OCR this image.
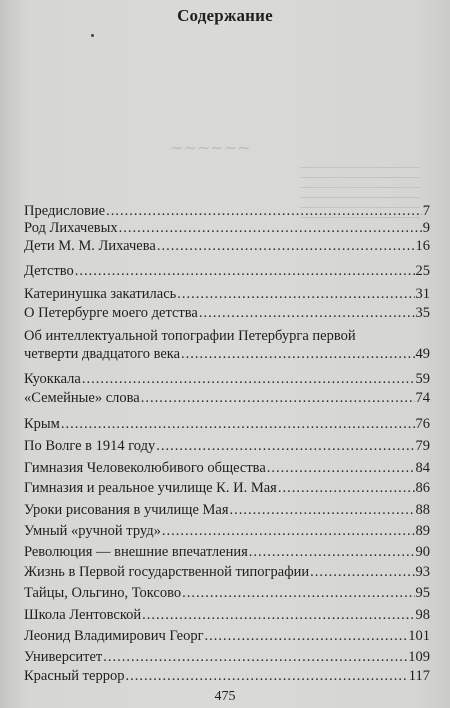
Содержание
∼∼∼∼∼∼
Предисловие .....	7
Род Лихачевых .....	9
Дети М. М. Лихачева .....	16
Детство .....	25
Катеринушка закатилась .....	31
О Петербурге моего детства .....	35
Об интеллектуальной топографии Петербурга первой
четверти двадцатого века .....	49
Куоккала .....	59
«Семейные» слова .....	74
Крым .....	76
По Волге в 1914 году .....	79
Гимназия Человеколюбивого общества .....	84
Гимназия и реальное училище К. И. Мая .....	86
Уроки рисования в училище Мая .....	88
Умный «ручной труд» .....	89
Революция — внешние впечатления .....	90
Жизнь в Первой государственной типографии .....	93
Тайцы, Ольгино, Токсово .....	95
Школа Лентовской .....	98
Леонид Владимирович Георг .....	101
Университет .....	109
Красный террор .....	117
475
